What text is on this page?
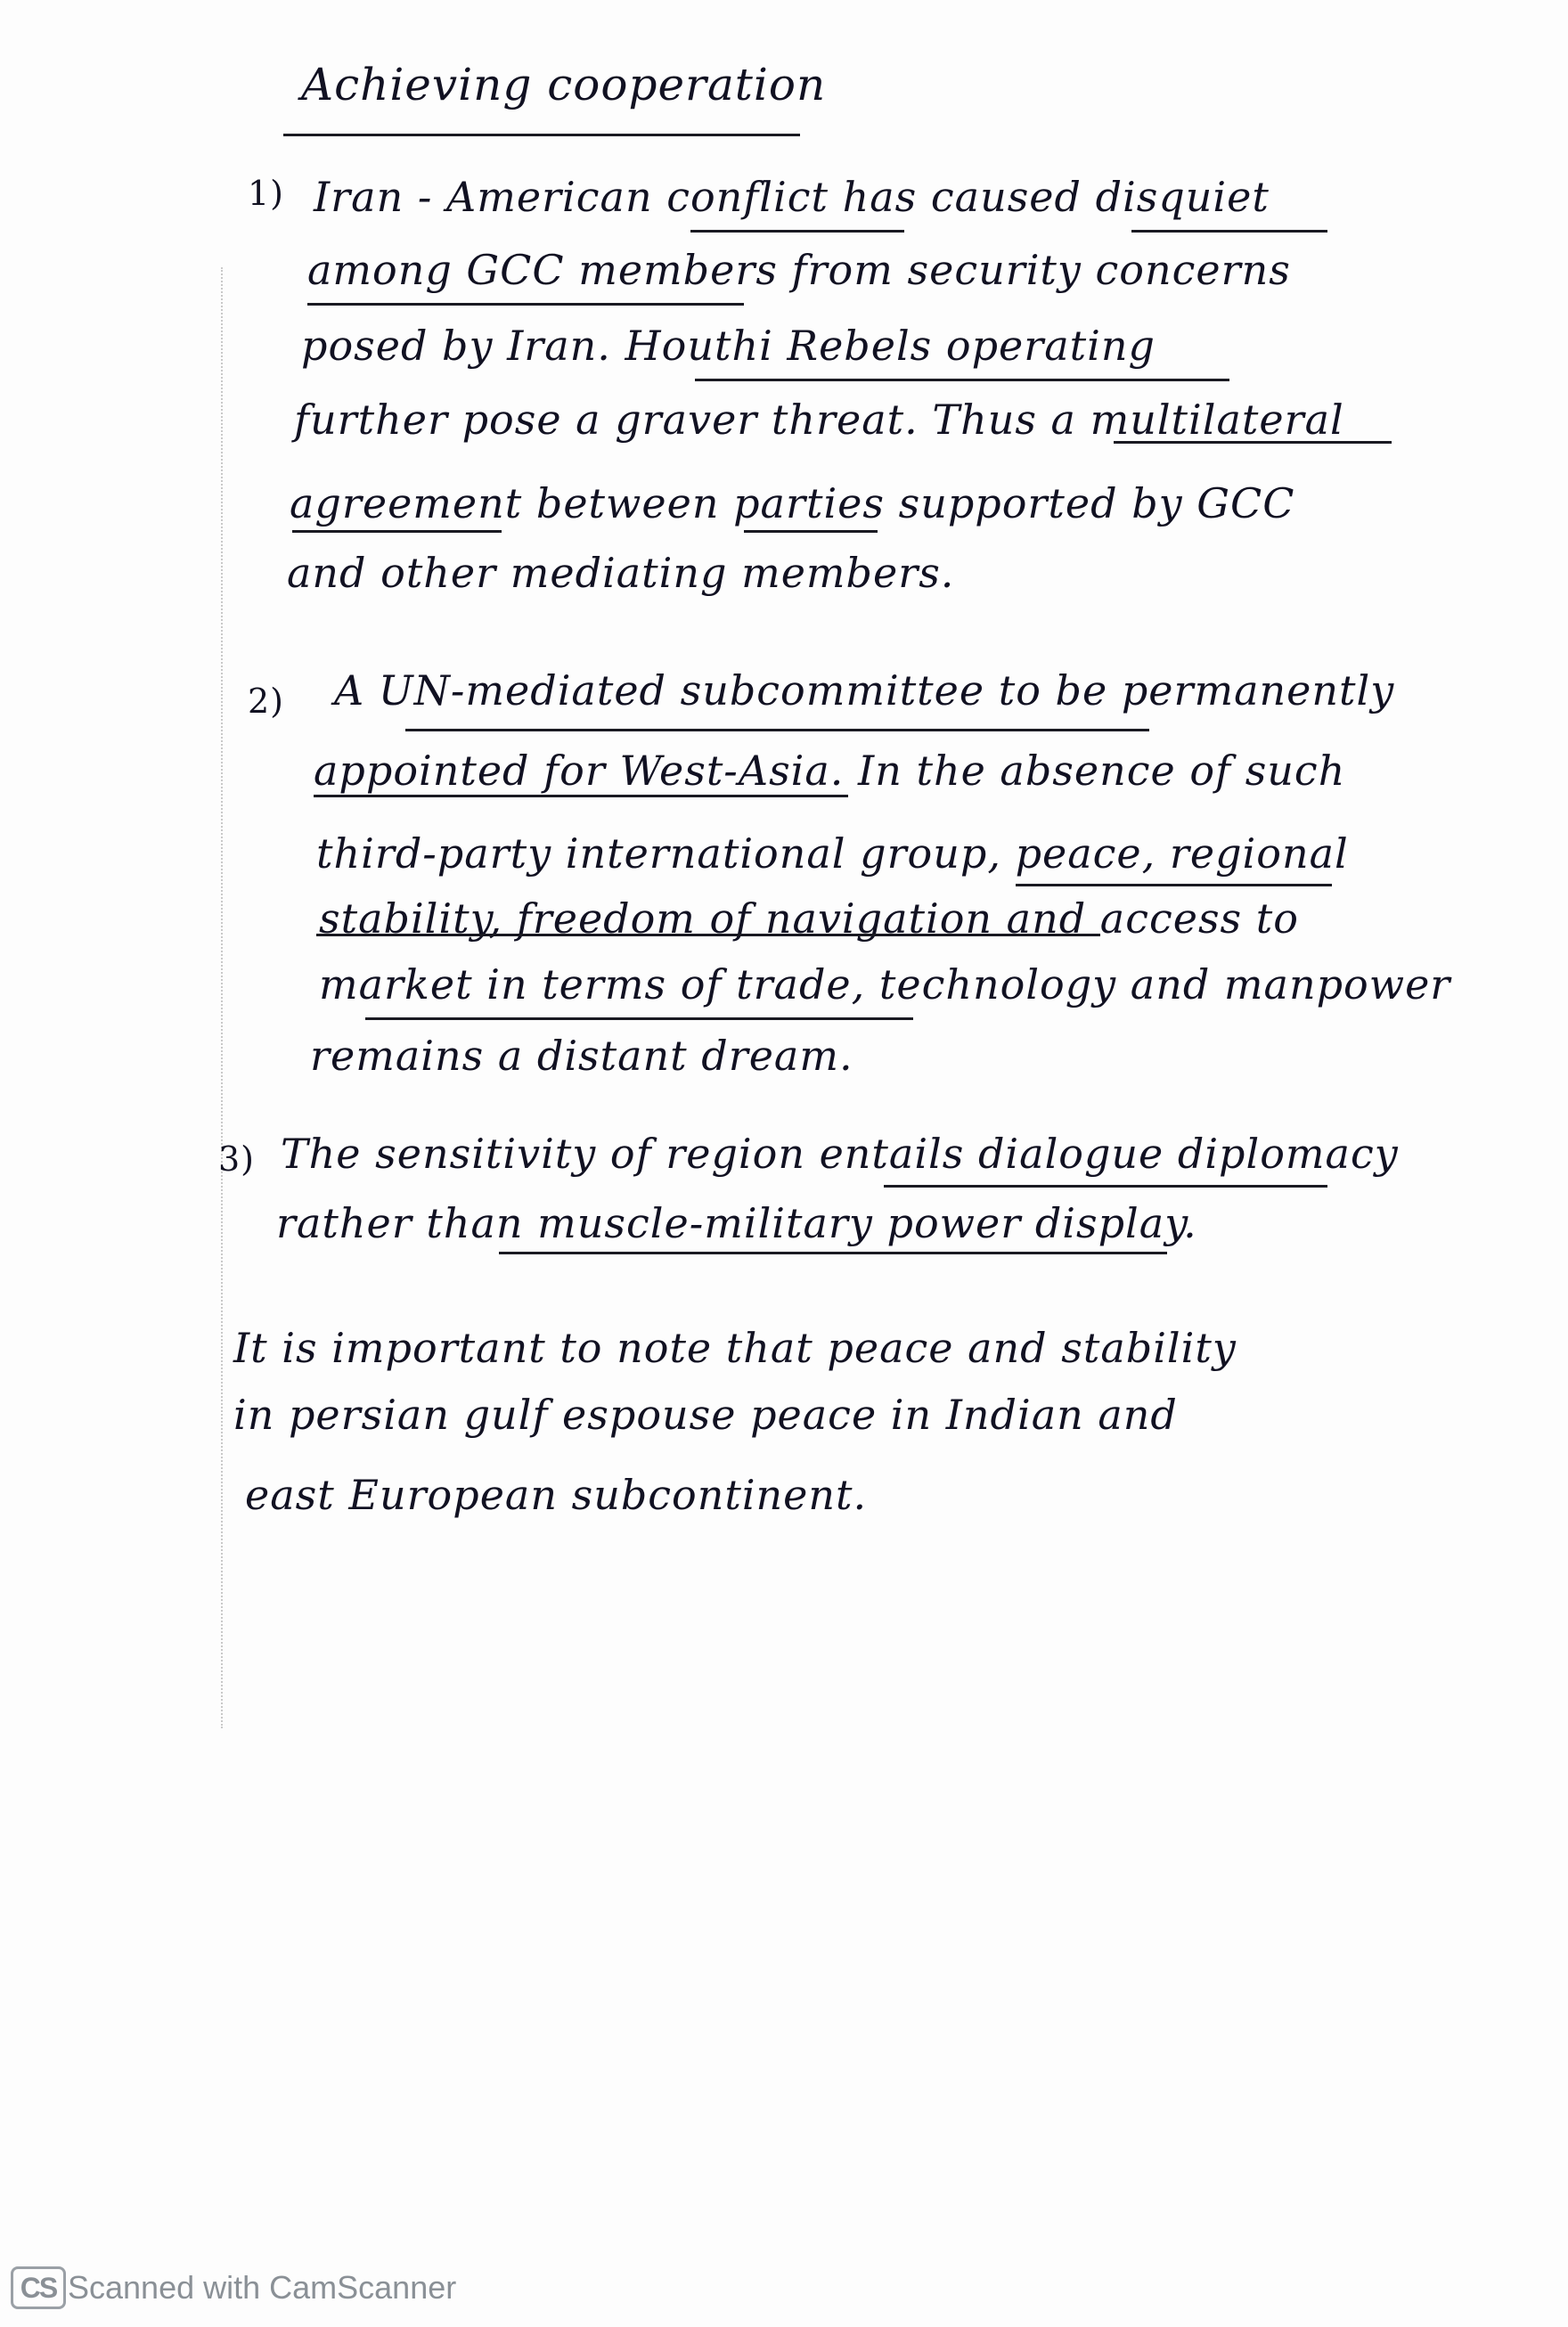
Achieving cooperation
1) Iran - American conflict has caused disquiet
among GCC members from security concerns
posed by Iran. Houthi Rebels operating
further pose a graver threat. Thus a multilateral
agreement between parties supported by GCC
and other mediating members.
2) A UN-mediated subcommittee to be permanently
appointed for West-Asia. In the absence of such
third-party international group, peace, regional
stability, freedom of navigation and access to
market in terms of trade, technology and manpower
remains a distant dream.
3) The sensitivity of region entails dialogue diplomacy
rather than muscle-military power display.
It is important to note that peace and stability
in persian gulf espouse peace in Indian and
east European subcontinent.
CS Scanned with CamScanner
